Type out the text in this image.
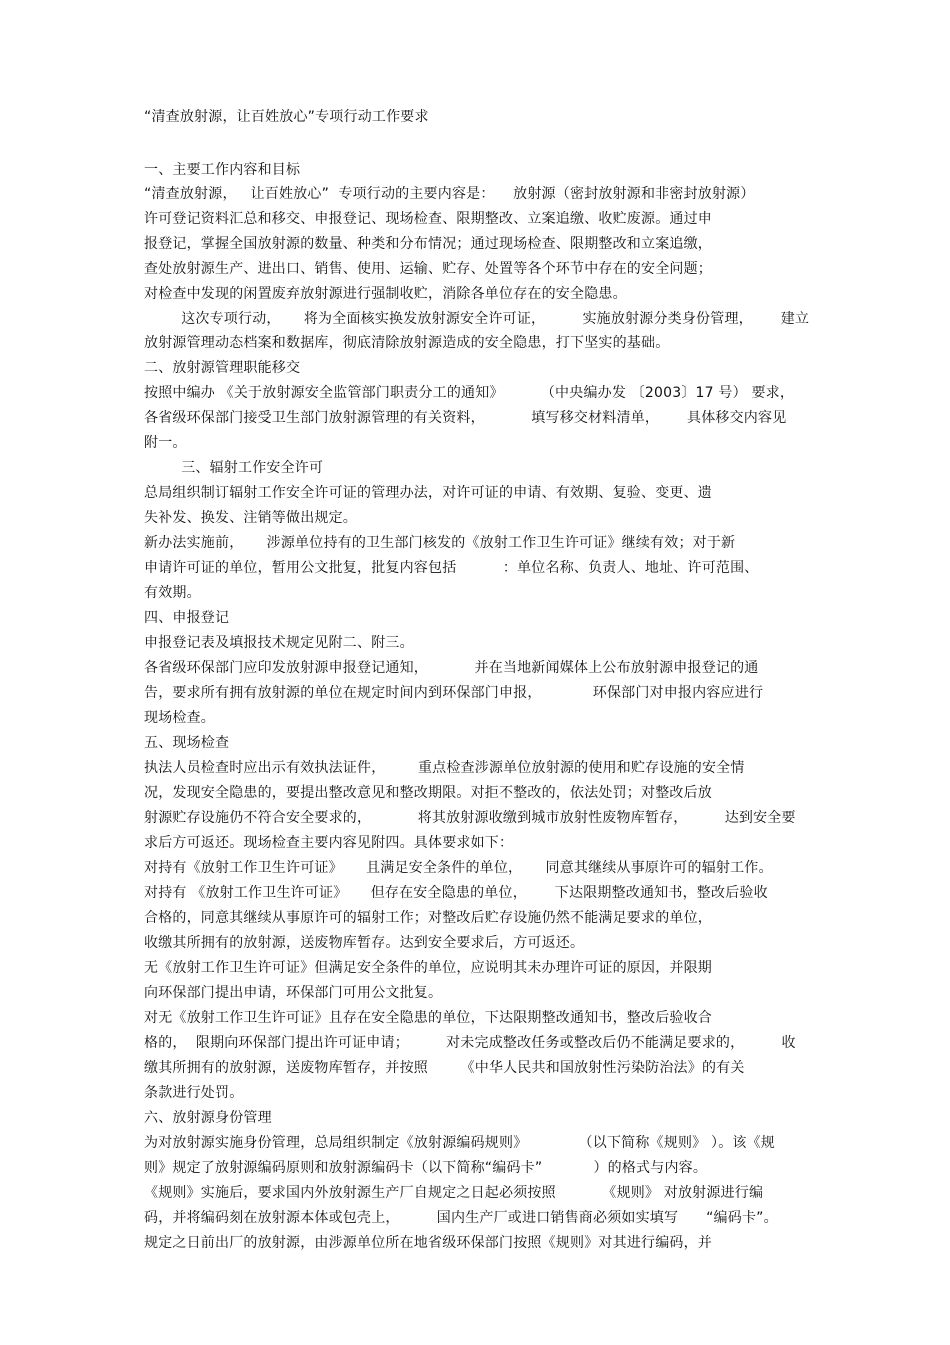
“清查放射源，让百姓放心”专项行动工作要求
一、主要工作内容和目标
“清查放射源，   让百姓放心”  专项行动的主要内容是：    放射源（密封放射源和非密封放射源）
许可登记资料汇总和移交、申报登记、现场检查、限期整改、立案追缴、收贮废源。通过申
报登记，掌握全国放射源的数量、种类和分布情况；通过现场检查、限期整改和立案追缴，
查处放射源生产、进出口、销售、使用、运输、贮存、处置等各个环节中存在的安全问题；
对检查中发现的闲置废弃放射源进行强制收贮，消除各单位存在的安全隐患。
这次专项行动，     将为全面核实换发放射源安全许可证，        实施放射源分类身份管理，      建立
放射源管理动态档案和数据库，彻底清除放射源造成的安全隐患，打下坚实的基础。
二、放射源管理职能移交
按照中编办 《关于放射源安全监管部门职责分工的通知》        （中央编办发 〔2003〕17 号） 要求，
各省级环保部门接受卫生部门放射源管理的有关资料，          填写移交材料清单，      具体移交内容见
附一。
三、辐射工作安全许可
总局组织制订辐射工作安全许可证的管理办法，对许可证的申请、有效期、复验、变更、遗
失补发、换发、注销等做出规定。
新办法实施前，     涉源单位持有的卫生部门核发的《放射工作卫生许可证》继续有效；对于新
申请许可证的单位，暂用公文批复，批复内容包括          ：单位名称、负责人、地址、许可范围、
有效期。
四、申报登记
申报登记表及填报技术规定见附二、附三。
各省级环保部门应印发放射源申报登记通知，          并在当地新闻媒体上公布放射源申报登记的通
告，要求所有拥有放射源的单位在规定时间内到环保部门申报，           环保部门对申报内容应进行
现场检查。
五、现场检查
执法人员检查时应出示有效执法证件，       重点检查涉源单位放射源的使用和贮存设施的安全情
况，发现安全隐患的，要提出整改意见和整改期限。对拒不整改的，依法处罚；对整改后放
射源贮存设施仍不符合安全要求的，          将其放射源收缴到城市放射性废物库暂存，        达到安全要
求后方可返还。现场检查主要内容见附四。具体要求如下：
对持有《放射工作卫生许可证》     且满足安全条件的单位，     同意其继续从事原许可的辐射工作。
对持有 《放射工作卫生许可证》     但存在安全隐患的单位，      下达限期整改通知书，整改后验收
合格的，同意其继续从事原许可的辐射工作；对整改后贮存设施仍然不能满足要求的单位，
收缴其所拥有的放射源，送废物库暂存。达到安全要求后，方可返还。
无《放射工作卫生许可证》但满足安全条件的单位，应说明其未办理许可证的原因，并限期
向环保部门提出申请，环保部门可用公文批复。
对无《放射工作卫生许可证》且存在安全隐患的单位，下达限期整改通知书，整改后验收合
格的，  限期向环保部门提出许可证申请；        对未完成整改任务或整改后仍不能满足要求的，        收
缴其所拥有的放射源，送废物库暂存，并按照       《中华人民共和国放射性污染防治法》的有关
条款进行处罚。
六、放射源身份管理
为对放射源实施身份管理，总局组织制定《放射源编码规则》           （以下简称《规则》 ）。该《规
则》规定了放射源编码原则和放射源编码卡（以下简称“编码卡”           ）的格式与内容。
《规则》实施后，要求国内外放射源生产厂自规定之日起必须按照          《规则》 对放射源进行编
码，并将编码刻在放射源本体或包壳上，        国内生产厂或进口销售商必须如实填写      “编码卡”。
规定之日前出厂的放射源，由涉源单位所在地省级环保部门按照《规则》对其进行编码，并
